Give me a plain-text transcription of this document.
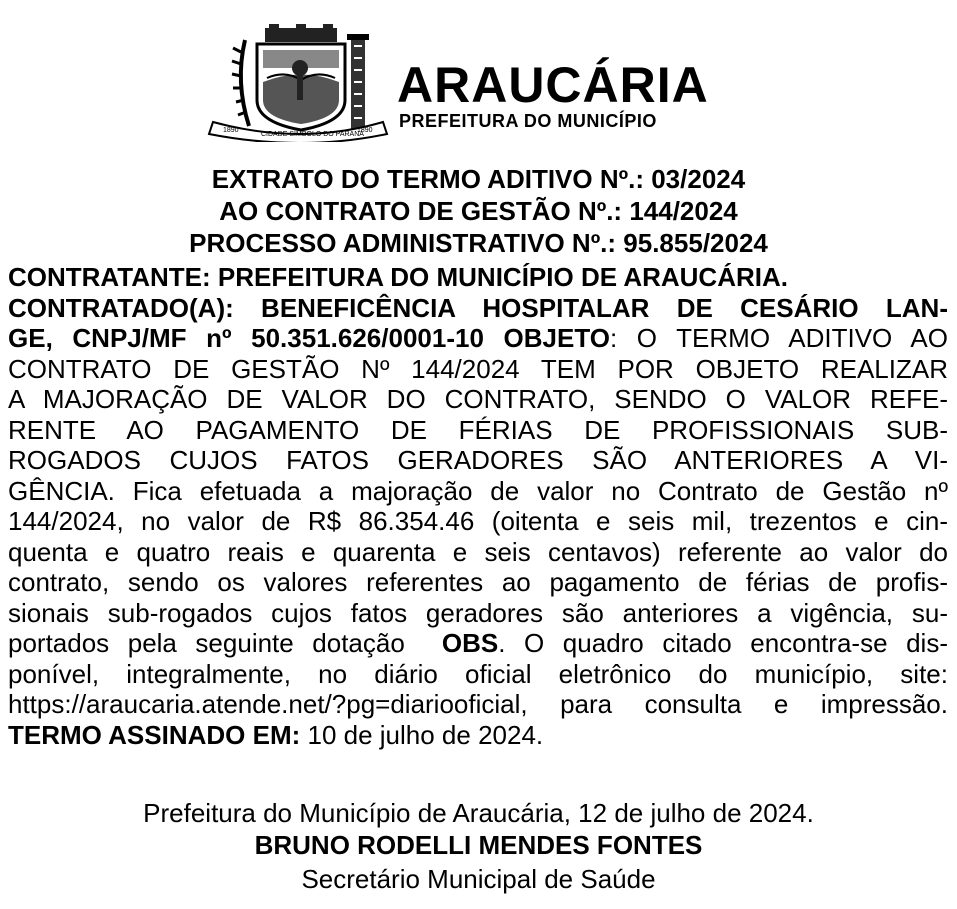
1890
CIDADE SÍMBOLO DO PARANÁ
1890
ARAUCÁRIA
PREFEITURA DO MUNICÍPIO
EXTRATO DO TERMO ADITIVO Nº.: 03/2024
AO CONTRATO DE GESTÃO Nº.: 144/2024
PROCESSO ADMINISTRATIVO Nº.: 95.855/2024
CONTRATANTE: PREFEITURA DO MUNICÍPIO DE ARAUCÁRIA.
CONTRATADO(A): BENEFICÊNCIA HOSPITALAR DE CESÁRIO LAN-
GE, CNPJ/MF nº 50.351.626/0001-10 OBJETO: O TERMO ADITIVO AO
CONTRATO DE GESTÃO Nº 144/2024 TEM POR OBJETO REALIZAR
A MAJORAÇÃO DE VALOR DO CONTRATO, SENDO O VALOR REFE-
RENTE AO PAGAMENTO DE FÉRIAS DE PROFISSIONAIS SUB-
ROGADOS CUJOS FATOS GERADORES SÃO ANTERIORES A VI-
GÊNCIA. Fica efetuada a majoração de valor no Contrato de Gestão nº
144/2024, no valor de R$ 86.354.46 (oitenta e seis mil, trezentos e cin-
quenta e quatro reais e quarenta e seis centavos) referente ao valor do
contrato, sendo os valores referentes ao pagamento de férias de profis-
sionais sub-rogados cujos fatos geradores são anteriores a vigência, su-
portados pela seguinte dotação OBS. O quadro citado encontra-se dis-
ponível, integralmente, no diário oficial eletrônico do município, site:
https://araucaria.atende.net/?pg=diariooficial, para consulta e impressão.
TERMO ASSINADO EM: 10 de julho de 2024.
Prefeitura do Município de Araucária, 12 de julho de 2024.
BRUNO RODELLI MENDES FONTES
Secretário Municipal de Saúde
